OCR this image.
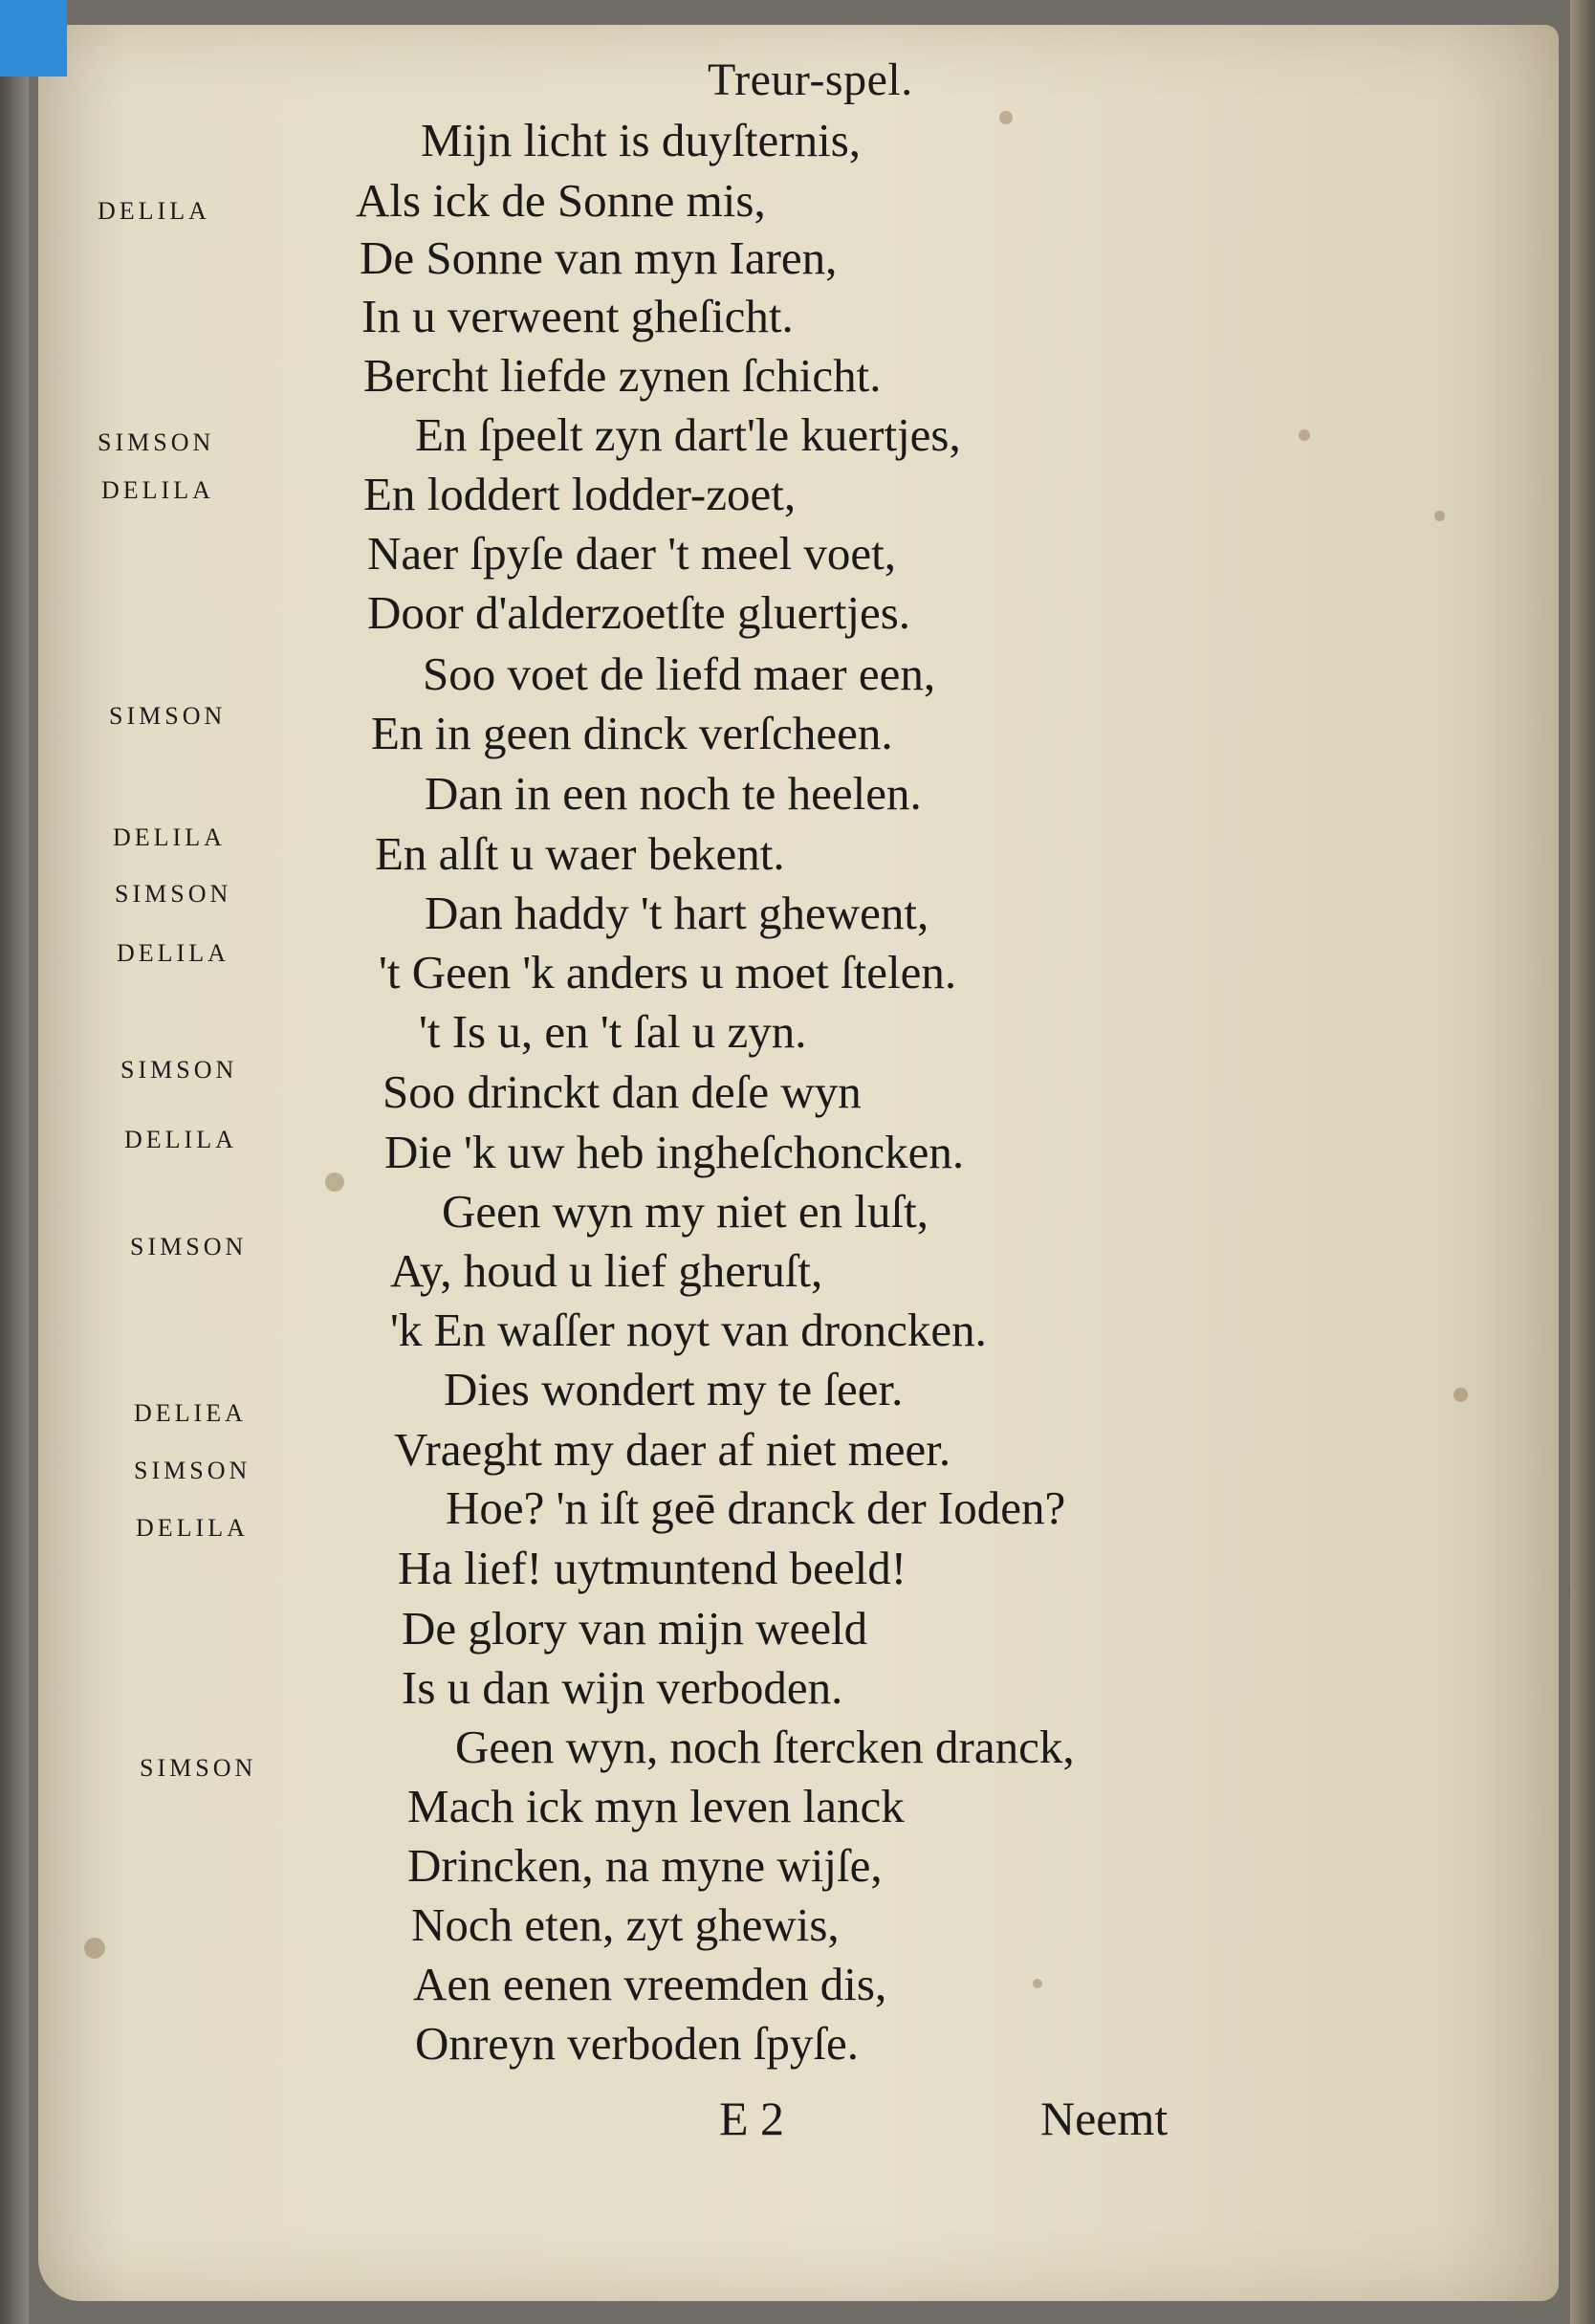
Treur-spel.
DELILA
SIMSON
DELILA
SIMSON
DELILA
SIMSON
DELILA
SIMSON
DELILA
SIMSON
DELIEA
SIMSON
DELILA
SIMSON
Mijn licht is duyſternis,
Als ick de Sonne mis,
De Sonne van myn Iaren,
In u verweent gheſicht.
Bercht liefde zynen ſchicht.
En ſpeelt zyn dart'le kuertjes,
En loddert lodder-zoet,
Naer ſpyſe daer 't meel voet,
Door d'alderzoetſte gluertjes.
Soo voet de liefd maer een,
En in geen dinck verſcheen.
Dan in een noch te heelen.
En alſt u waer bekent.
Dan haddy 't hart ghewent,
't Geen 'k anders u moet ſtelen.
't Is u, en 't ſal u zyn.
Soo drinckt dan deſe wyn
Die 'k uw heb ingheſchoncken.
Geen wyn my niet en luſt,
Ay, houd u lief gheruſt,
'k En waſſer noyt van droncken.
Dies wondert my te ſeer.
Vraeght my daer af niet meer.
Hoe? 'n iſt geē dranck der Ioden?
Ha lief! uytmuntend beeld!
De glory van mijn weeld
Is u dan wijn verboden.
Geen wyn, noch ſtercken dranck,
Mach ick myn leven lanck
Drincken, na myne wijſe,
Noch eten, zyt ghewis,
Aen eenen vreemden dis,
Onreyn verboden ſpyſe.
E 2	Neemt
